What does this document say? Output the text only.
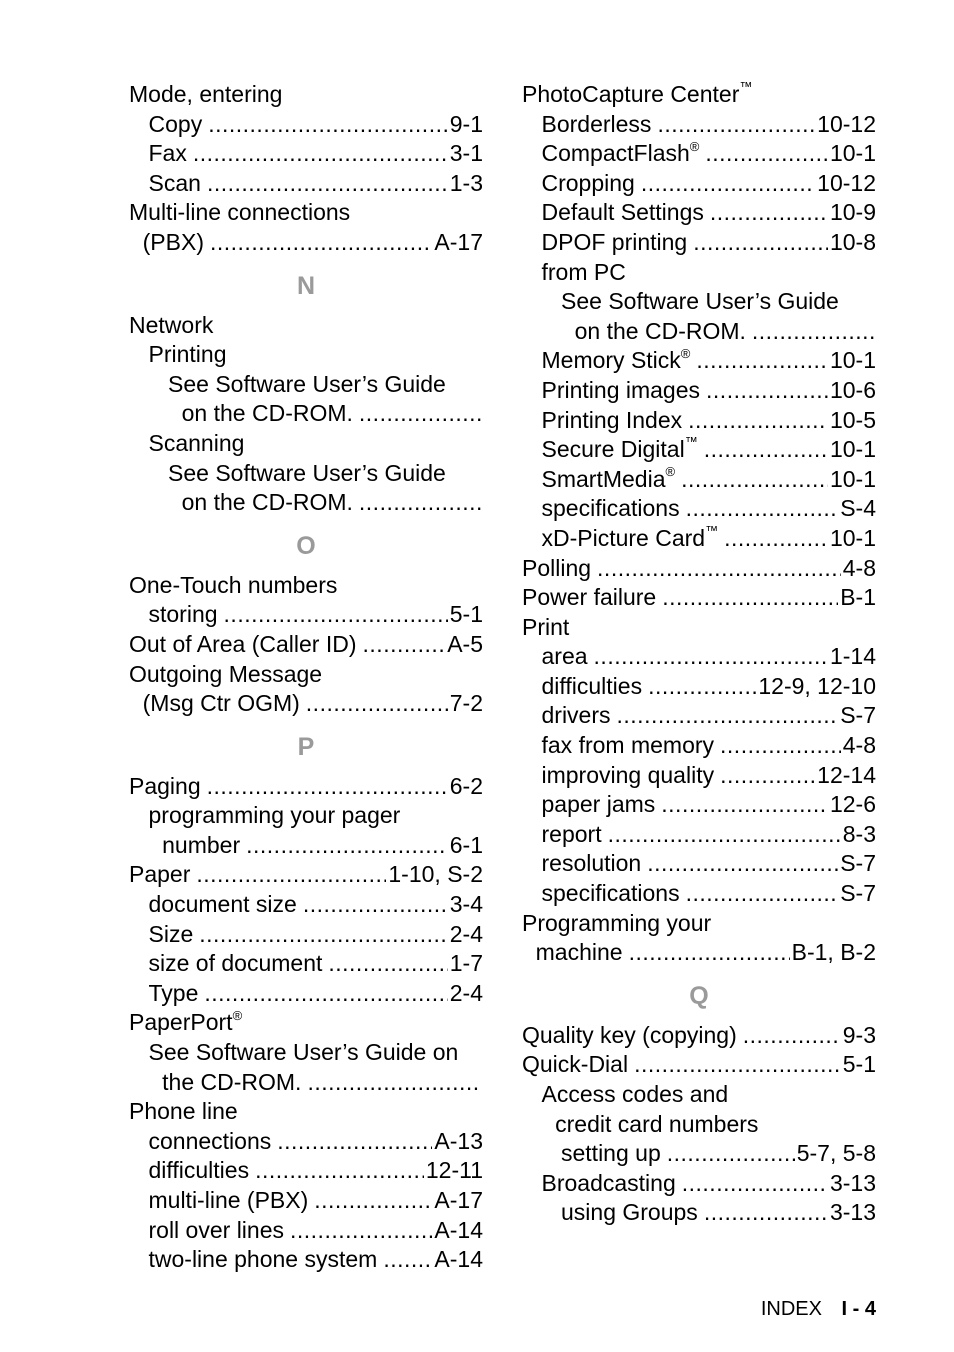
Mode, entering
Copy .....	9-1
Fax .....	3-1
Scan .....	1-3
Multi-line connections
(PBX) .....	A-17
N
Network
Printing
See Software User’s Guide
on the CD-ROM.
.....
Scanning
See Software User’s Guide
on the CD-ROM.
.....
O
One-Touch numbers
storing .....	5-1
Out of Area (Caller ID) .....	A-5
Outgoing Message
(Msg Ctr OGM) .....	7-2
P
Paging .....	6-2
programming your pager
number .....	6-1
Paper .....	1-10, S-2
document size .....	3-4
Size .....	2-4
size of document .....	1-7
Type .....	2-4
PaperPort®
See Software User’s Guide on
the CD-ROM.
.....
Phone line
connections .....	A-13
difficulties .....	12-11
multi-line (PBX) .....	A-17
roll over lines .....	A-14
two-line phone system ..... A-14
PhotoCapture Center™
Borderless .....	10-12
CompactFlash® .....	10-1
Cropping .....	10-12
Default Settings .....	10-9
DPOF printing .....	10-8
from PC
See Software User’s Guide
on the CD-ROM.
.....
Memory Stick® .....	10-1
Printing images .....	10-6
Printing Index .....	10-5
Secure Digital™ .....	10-1
SmartMedia® .....	10-1
specifications .....	S-4
xD-Picture Card™ .....	10-1
Polling .....	4-8
Power failure .....	B-1
Print
area .....	1-14
difficulties .....	12-9, 12-10
drivers .....	S-7
fax from memory .....	4-8
improving quality .....	12-14
paper jams .....	12-6
report .....	8-3
resolution .....	S-7
specifications .....	S-7
Programming your
machine .....	B-1, B-2
Q
Quality key (copying) .....	9-3
Quick-Dial .....	5-1
Access codes and
credit card numbers
setting up .....	5-7, 5-8
Broadcasting .....	3-13
using Groups .....	3-13
INDEX I - 4
